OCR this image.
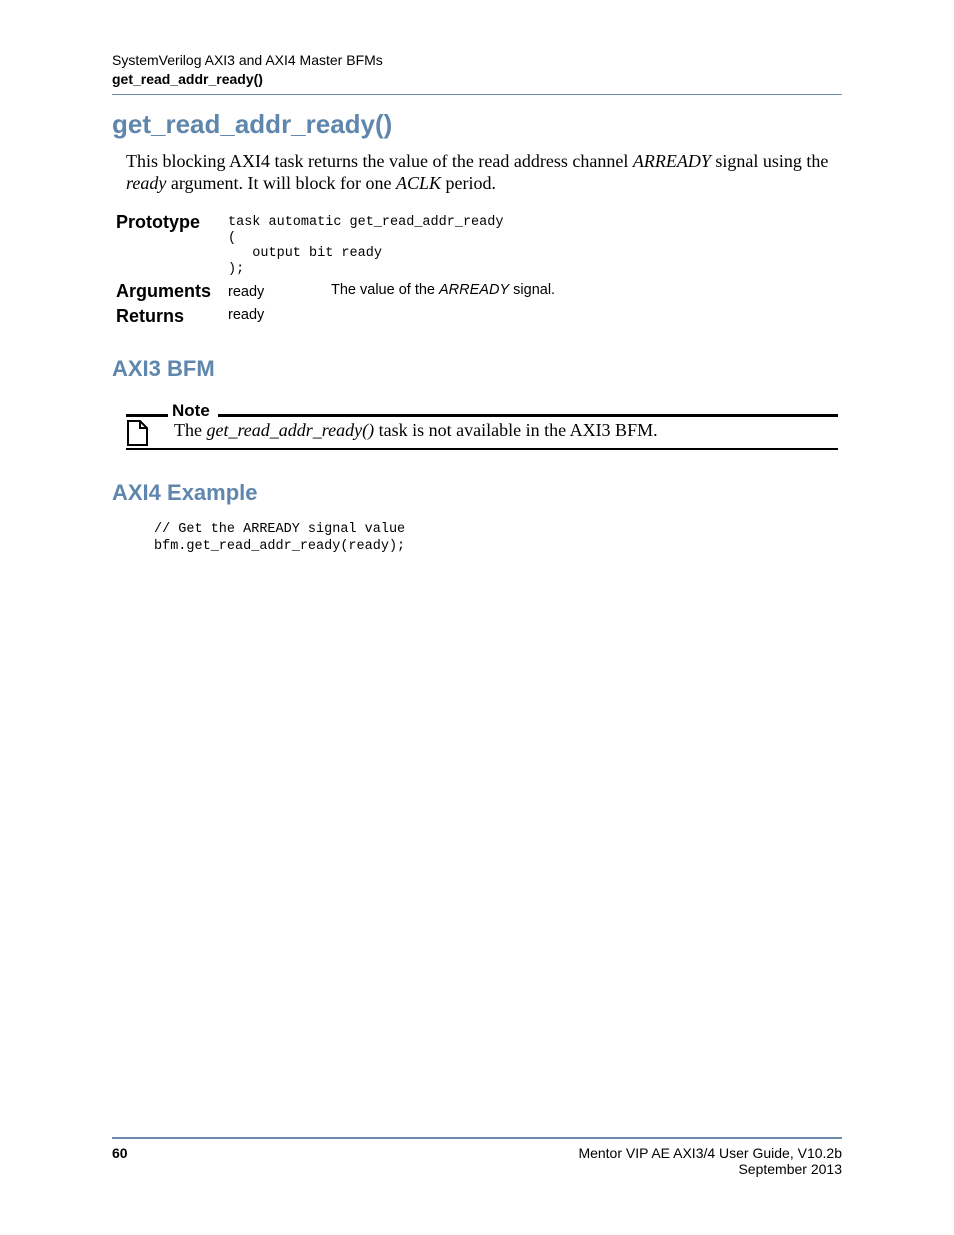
SystemVerilog AXI3 and AXI4 Master BFMs
get_read_addr_ready()
get_read_addr_ready()
This blocking AXI4 task returns the value of the read address channel ARREADY signal using the ready argument. It will block for one ACLK period.
Prototype task automatic get_read_addr_ready
(
output bit ready
);
Arguments ready	The value of the ARREADY signal.
Returns	ready
AXI3 BFM
Note
The get_read_addr_ready() task is not available in the AXI3 BFM.
AXI4 Example
// Get the ARREADY signal value
bfm.get_read_addr_ready(ready);
60	Mentor VIP AE AXI3/4 User Guide, V10.2b
September 2013
